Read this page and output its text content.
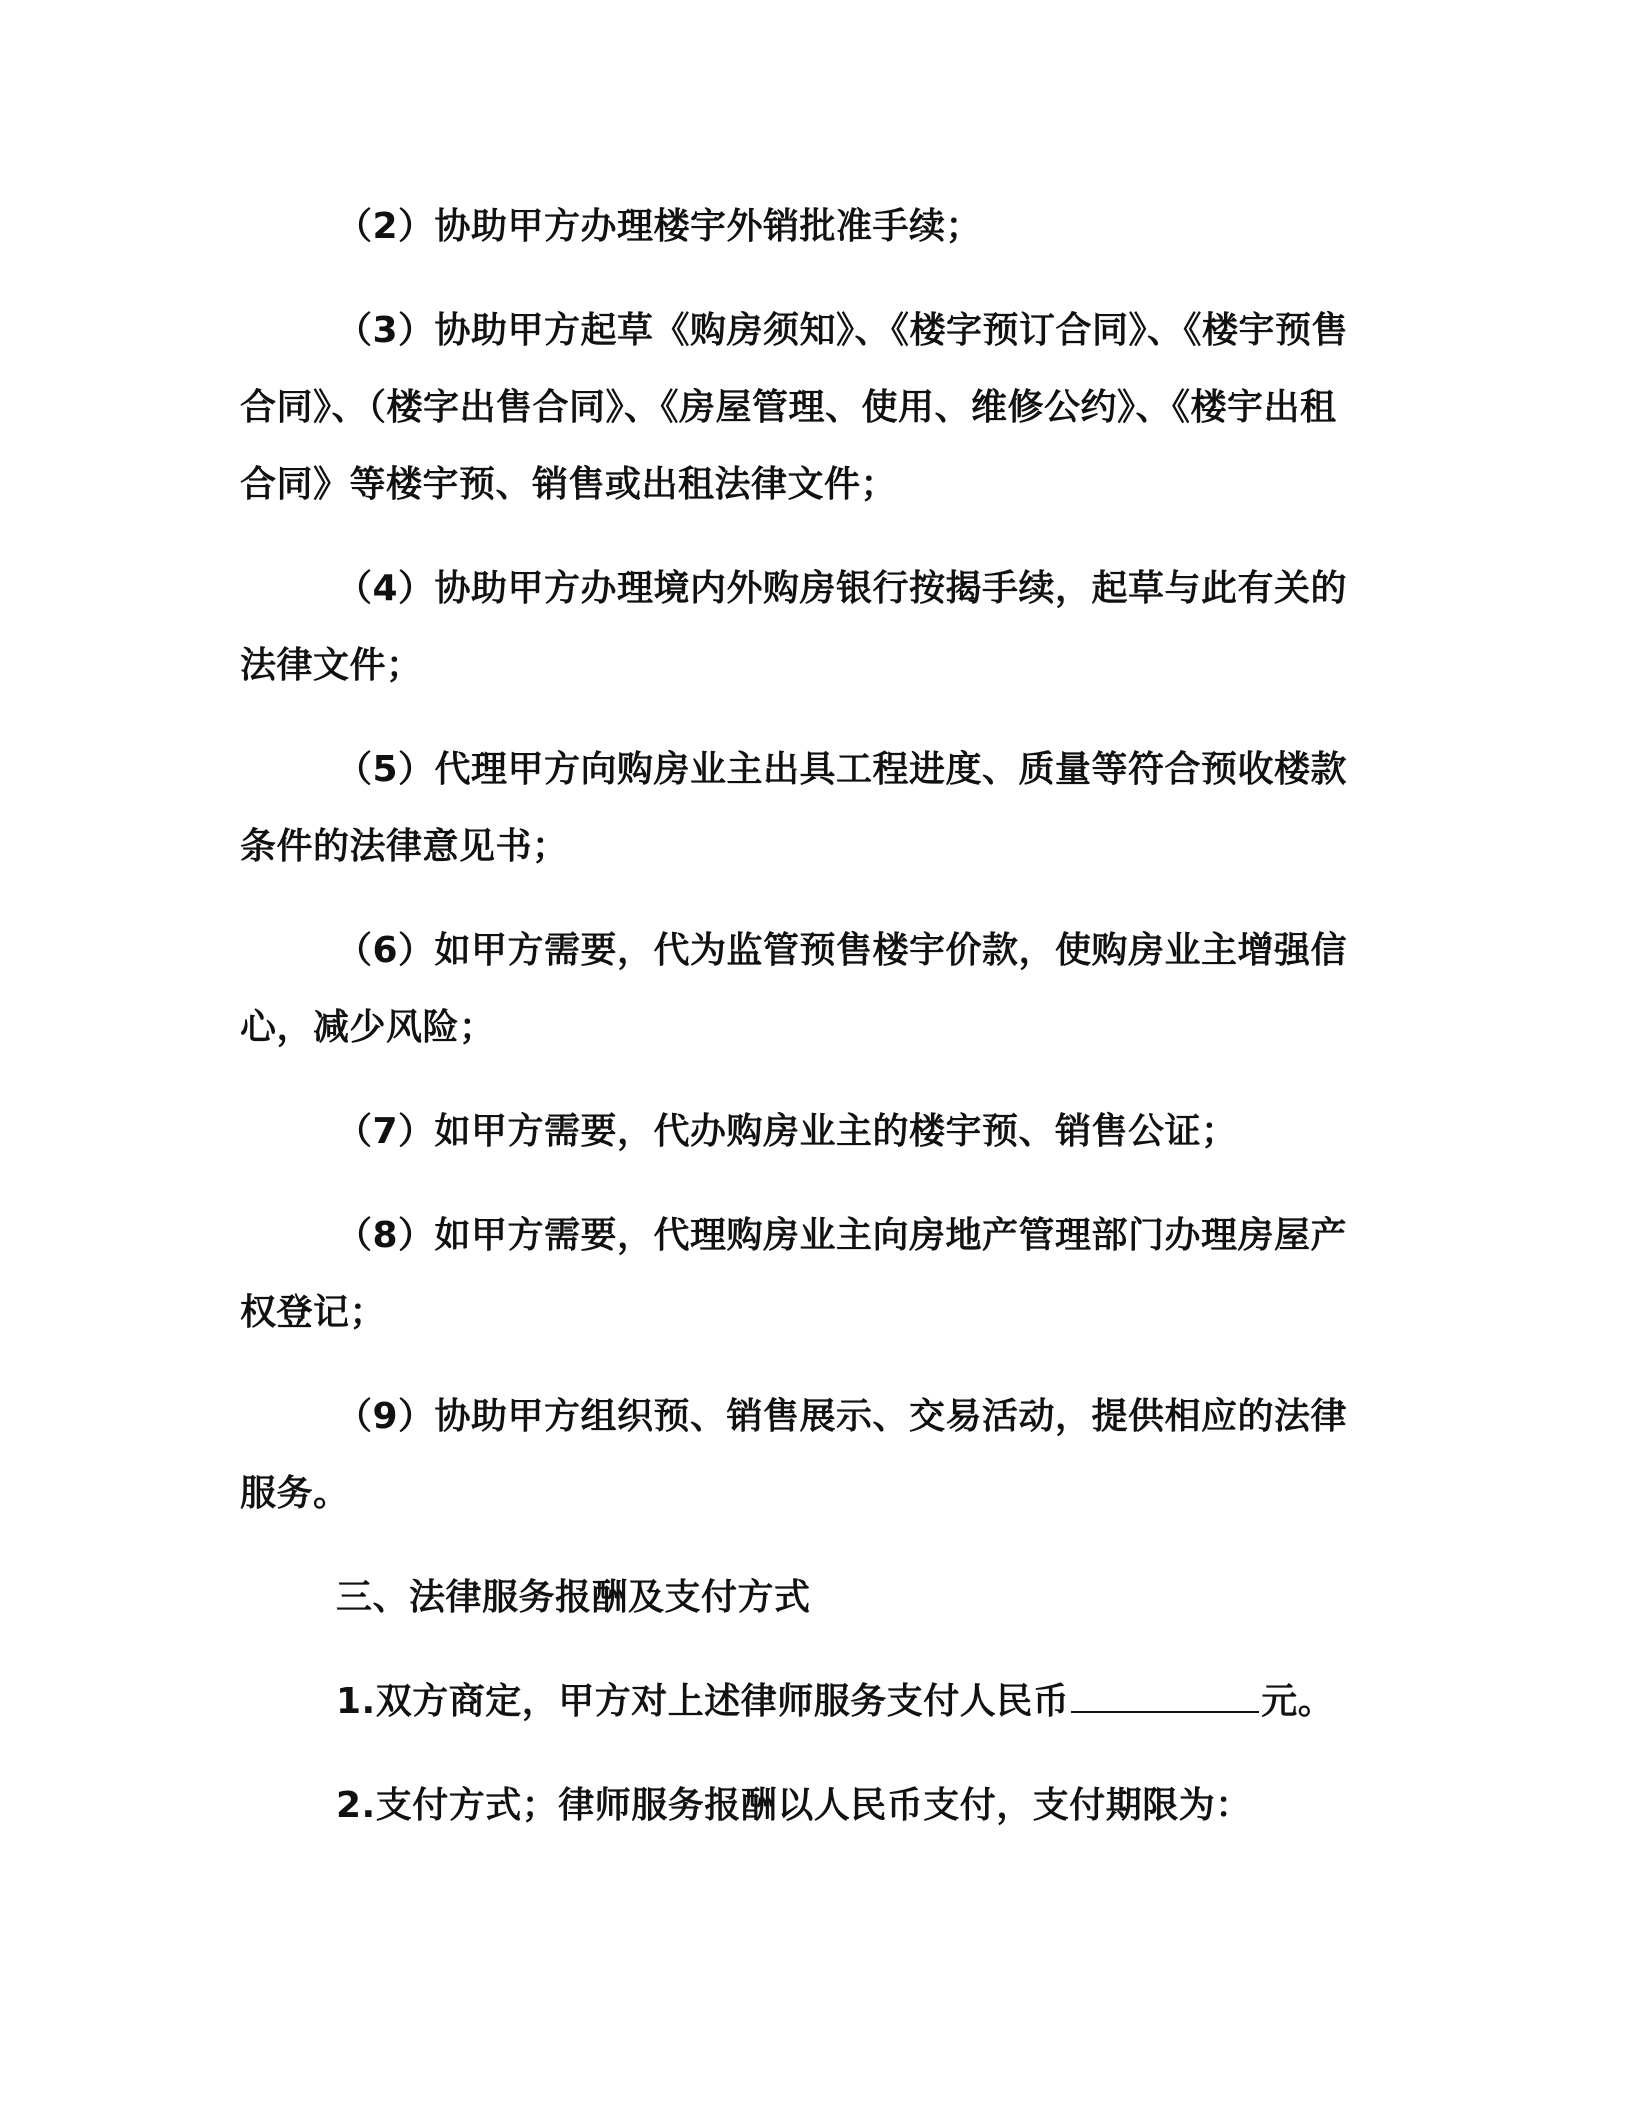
（2）协助甲方办理楼宇外销批准手续；

（3）协助甲方起草《购房须知》、《楼字预订合同》、《楼宇预售合同》、（楼字出售合同》、《房屋管理、使用、维修公约》、《楼宇出租合同》等楼宇预、销售或出租法律文件；

（4）协助甲方办理境内外购房银行按揭手续，起草与此有关的法律文件；

（5）代理甲方向购房业主出具工程进度、质量等符合预收楼款条件的法律意见书；

（6）如甲方需要，代为监管预售楼宇价款，使购房业主增强信心，减少风险；

（7）如甲方需要，代办购房业主的楼宇预、销售公证；

（8）如甲方需要，代理购房业主向房地产管理部门办理房屋产权登记；

（9）协助甲方组织预、销售展示、交易活动，提供相应的法律服务。

三、法律服务报酬及支付方式

1.双方商定，甲方对上述律师服务支付人民币	元。

2.支付方式；律师服务报酬以人民币支付，支付期限为：
